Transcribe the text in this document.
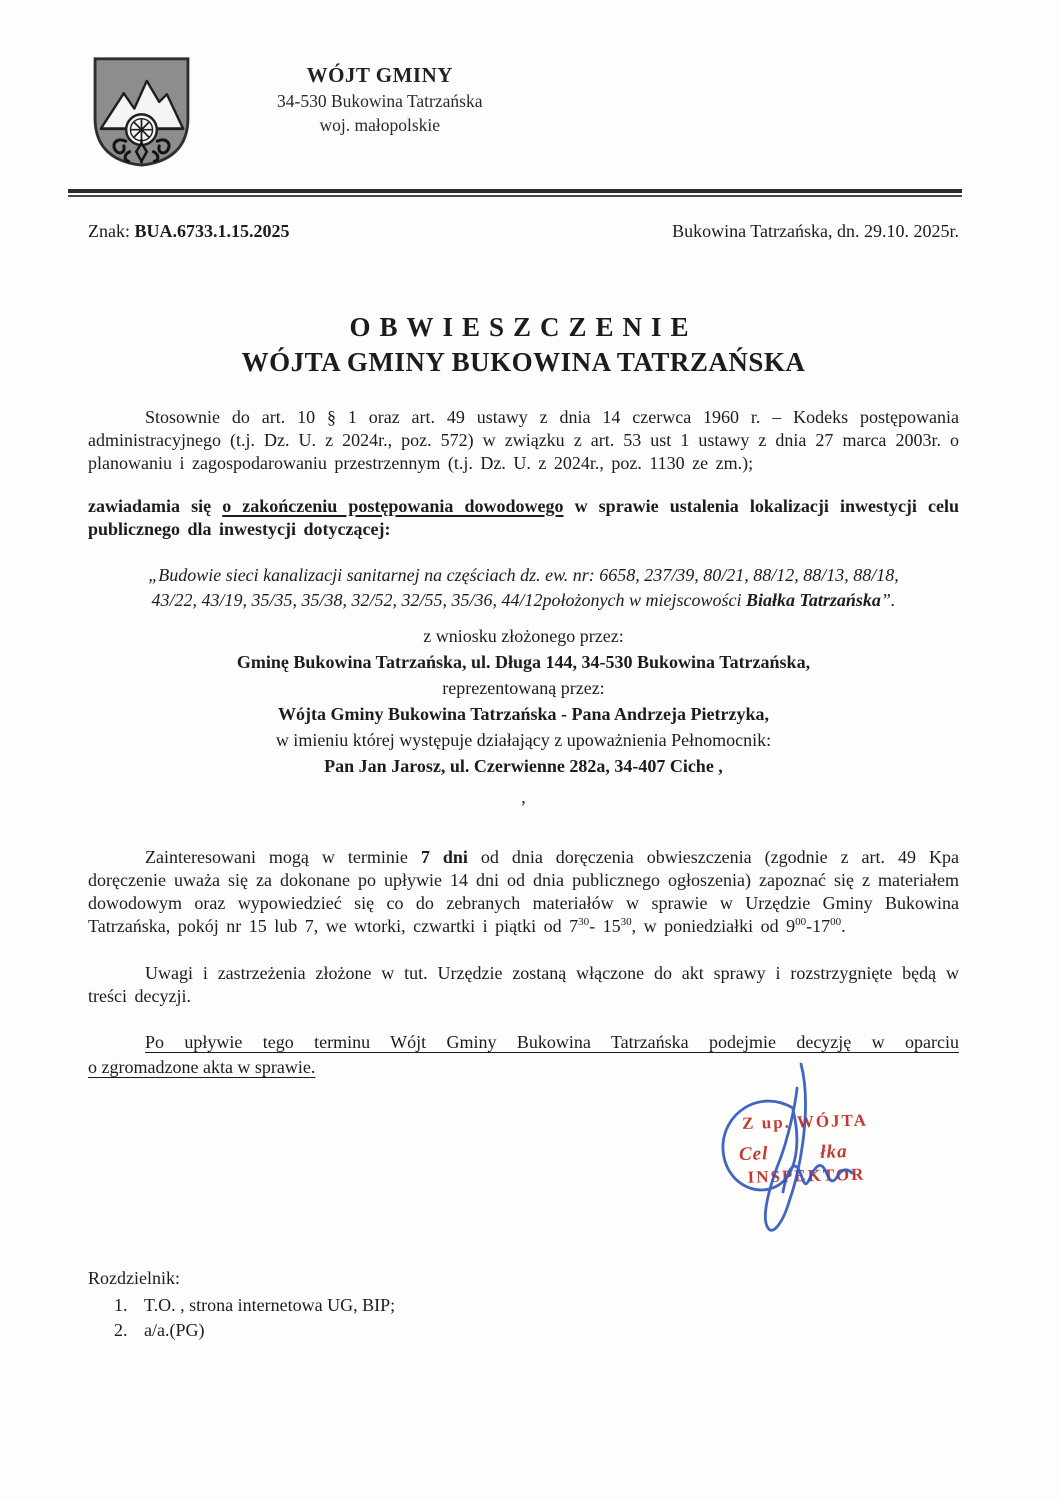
WÓJT GMINY
34-530 Bukowina Tatrzańska
woj. małopolskie
Znak: BUA.6733.1.15.2025	Bukowina Tatrzańska, dn. 29.10. 2025r.
OBWIESZCZENIE
WÓJTA GMINY BUKOWINA TATRZAŃSKA

Stosownie do art. 10 § 1 oraz art. 49 ustawy z dnia 14 czerwca 1960 r. – Kodeks postępowania administracyjnego (t.j. Dz. U. z 2024r., poz. 572) w związku z art. 53 ust 1 ustawy z dnia 27 marca 2003r. o planowaniu i zagospodarowaniu przestrzennym (t.j. Dz. U. z 2024r., poz. 1130 ze zm.);

zawiadamia się o zakończeniu postępowania dowodowego w sprawie ustalenia lokalizacji inwestycji celu publicznego dla inwestycji dotyczącej:

„Budowie sieci kanalizacji sanitarnej na częściach dz. ew. nr: 6658, 237/39, 80/21, 88/12, 88/13, 88/18,
43/22, 43/19, 35/35, 35/38, 32/52, 32/55, 35/36, 44/12położonych w miejscowości Białka Tatrzańska”.
z wniosku złożonego przez:
Gminę Bukowina Tatrzańska, ul. Długa 144, 34-530 Bukowina Tatrzańska,
reprezentowaną przez:
Wójta Gminy Bukowina Tatrzańska - Pana Andrzeja Pietrzyka,
w imieniu której występuje działający z upoważnienia Pełnomocnik:
Pan Jan Jarosz, ul. Czerwienne 282a, 34-407 Ciche ,
,

Zainteresowani mogą w terminie 7 dni od dnia doręczenia obwieszczenia (zgodnie z art. 49 Kpa doręczenie uważa się za dokonane po upływie 14 dni od dnia publicznego ogłoszenia) zapoznać się z materiałem dowodowym oraz wypowiedzieć się co do zebranych materiałów w sprawie w Urzędzie Gminy Bukowina Tatrzańska, pokój nr 15 lub 7, we wtorki, czwartki i piątki od $7^{30}-$ $15^{30}$, w poniedziałki od $9^{00}-17^{00}$.

Uwagi i zastrzeżenia złożone w tut. Urzędzie zostaną włączone do akt sprawy i rozstrzygnięte będą w treści decyzji.

Po upływie tego terminu Wójt Gminy Bukowina Tatrzańska podejmie decyzję w oparciu
o zgromadzone akta w sprawie.
Z up. WÓJTA
Cel	łka
INSPEKTOR
Rozdzielnik:
1. T.O. , strona internetowa UG, BIP;
2. a/a.(PG)
